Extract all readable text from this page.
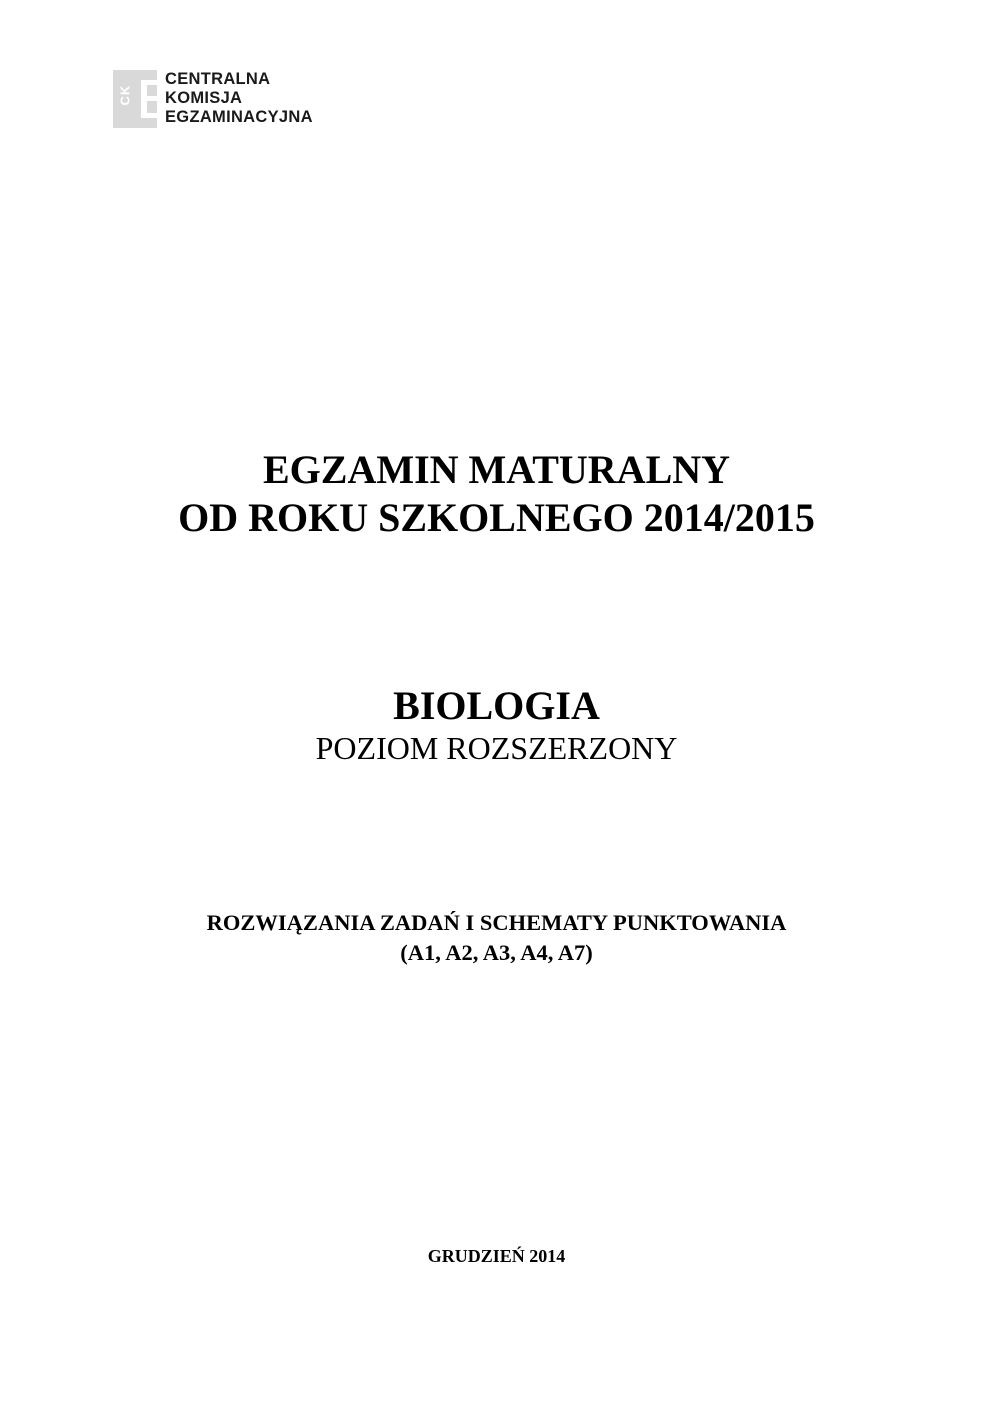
CK
CENTRALNA
KOMISJA
EGZAMINACYJNA
EGZAMIN MATURALNY
OD ROKU SZKOLNEGO 2014/2015
BIOLOGIA
POZIOM ROZSZERZONY
ROZWIĄZANIA ZADAŃ I SCHEMATY PUNKTOWANIA
(A1, A2, A3, A4, A7)
GRUDZIEŃ 2014
